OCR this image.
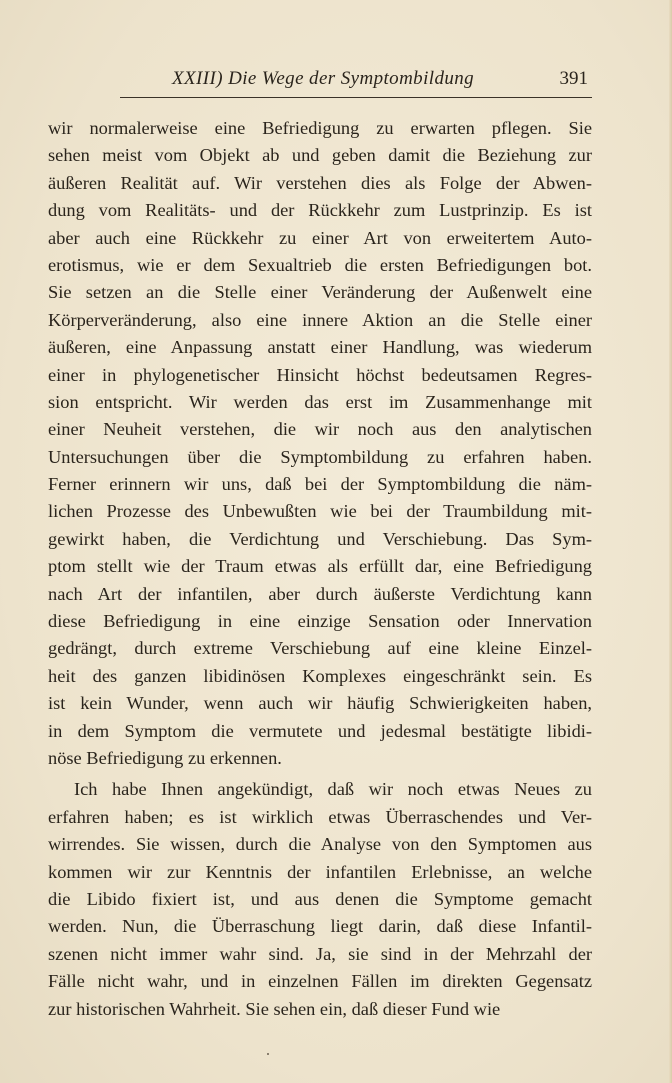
XXIII) Die Wege der Symptombildung	391
wir normalerweise eine Befriedigung zu erwarten pflegen. Sie
sehen meist vom Objekt ab und geben damit die Beziehung zur
äußeren Realität auf. Wir verstehen dies als Folge der Abwen-
dung vom Realitäts- und der Rückkehr zum Lustprinzip. Es ist
aber auch eine Rückkehr zu einer Art von erweitertem Auto-
erotismus, wie er dem Sexualtrieb die ersten Befriedigungen bot.
Sie setzen an die Stelle einer Veränderung der Außenwelt eine
Körperveränderung, also eine innere Aktion an die Stelle einer
äußeren, eine Anpassung anstatt einer Handlung, was wiederum
einer in phylogenetischer Hinsicht höchst bedeutsamen Regres-
sion entspricht. Wir werden das erst im Zusammenhange mit
einer Neuheit verstehen, die wir noch aus den analytischen
Untersuchungen über die Symptombildung zu erfahren haben.
Ferner erinnern wir uns, daß bei der Symptombildung die näm-
lichen Prozesse des Unbewußten wie bei der Traumbildung mit-
gewirkt haben, die Verdichtung und Verschiebung. Das Sym-
ptom stellt wie der Traum etwas als erfüllt dar, eine Befriedigung
nach Art der infantilen, aber durch äußerste Verdichtung kann
diese Befriedigung in eine einzige Sensation oder Innervation
gedrängt, durch extreme Verschiebung auf eine kleine Einzel-
heit des ganzen libidinösen Komplexes eingeschränkt sein. Es
ist kein Wunder, wenn auch wir häufig Schwierigkeiten haben,
in dem Symptom die vermutete und jedesmal bestätigte libidi-
nöse Befriedigung zu erkennen.
Ich habe Ihnen angekündigt, daß wir noch etwas Neues zu
erfahren haben; es ist wirklich etwas Überraschendes und Ver-
wirrendes. Sie wissen, durch die Analyse von den Symptomen aus
kommen wir zur Kenntnis der infantilen Erlebnisse, an welche
die Libido fixiert ist, und aus denen die Symptome gemacht
werden. Nun, die Überraschung liegt darin, daß diese Infantil-
szenen nicht immer wahr sind. Ja, sie sind in der Mehrzahl der
Fälle nicht wahr, und in einzelnen Fällen im direkten Gegensatz
zur historischen Wahrheit. Sie sehen ein, daß dieser Fund wie
